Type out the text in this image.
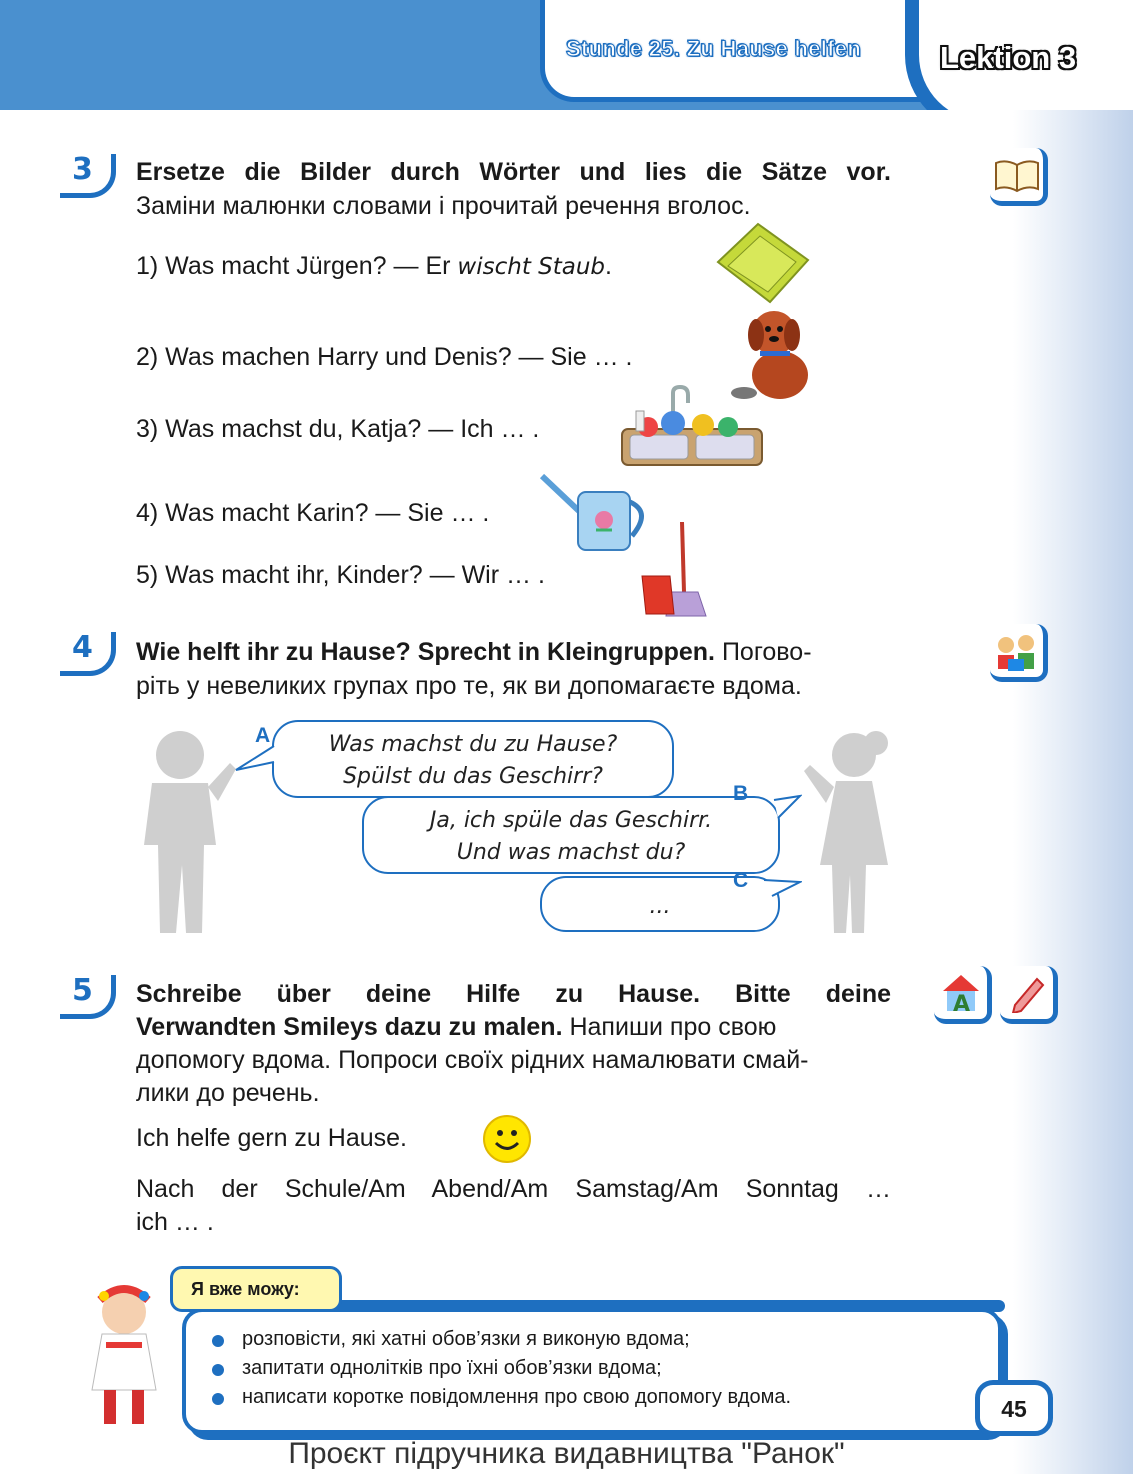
Stunde 25. Zu Hause helfen	Lektion 3
3 Ersetze die Bilder durch Wörter und lies die Sätze vor.
Заміни малюнки словами і прочитай речення вголос.
1) Was macht Jürgen? — Er wischt Staub.
2) Was machen Harry und Denis? — Sie … .
3) Was machst du, Katja? — Ich … .
4) Was macht Karin? — Sie … .
5) Was macht ihr, Kinder? — Wir … .
4 Wie helft ihr zu Hause? Sprecht in Kleingruppen. Погово-
ріть у невеликих групах про те, як ви допомагаєте вдома.
A	Was machst du zu Hause?
Spülst du das Geschirr?
B
Ja, ich spüle das Geschirr.
Und was machst du?
C
...
5 Schreibe über deine Hilfe zu Hause. Bitte deine
Verwandten Smileys dazu zu malen. Напиши про свою
допомогу вдома. Попроси своїх рідних намалювати смай-
лики до речень.
Ich helfe gern zu Hause.
Nach der Schule/Am Abend/Am Samstag/Am Sonntag …
ich … .
A
Я вже можу:
розповісти, які хатні обов’язки я виконую вдома;
запитати однолітків про їхні обов’язки вдома;
написати коротке повідомлення про свою допомогу вдома.	45
Проєкт підручника видавництва "Ранок"
